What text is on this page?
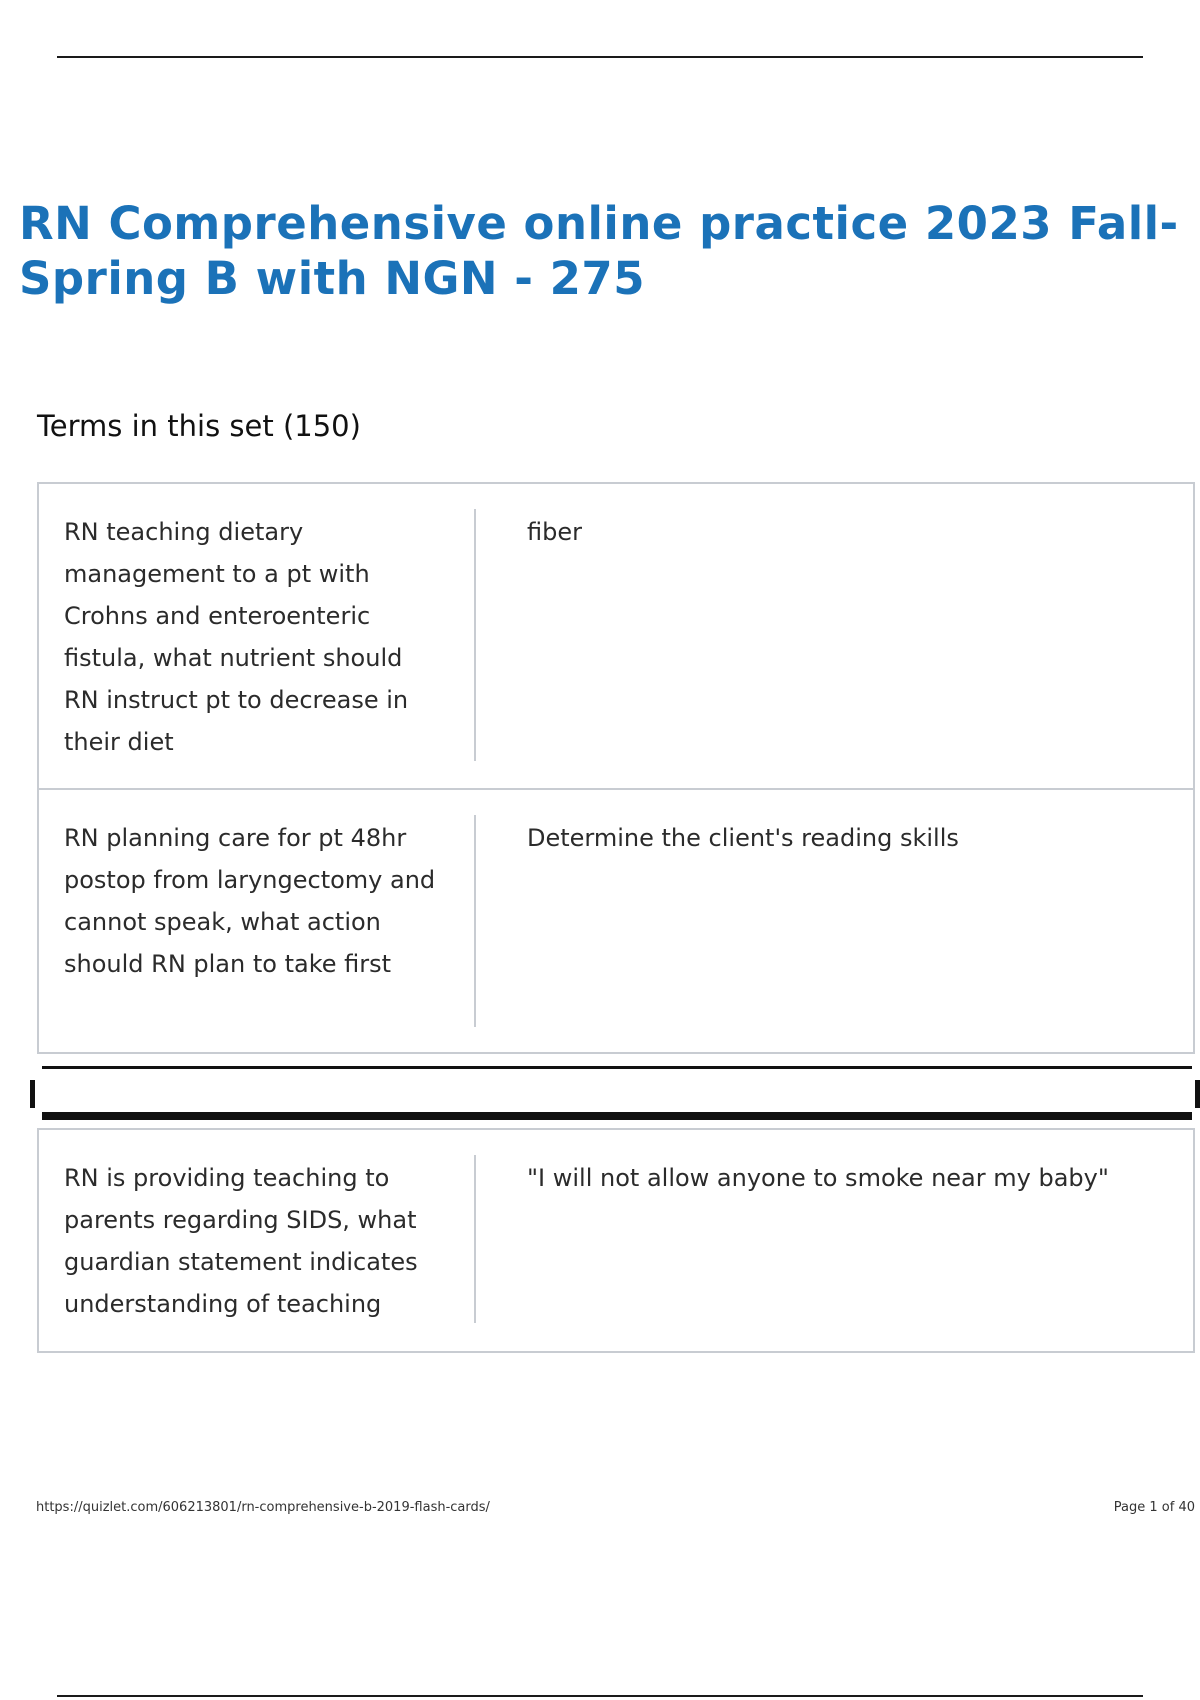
RN Comprehensive online practice 2023 Fall-Spring B with NGN - 275
Terms in this set (150)
RN teaching dietary management to a pt with Crohns and enteroenteric fistula, what nutrient should RN instruct pt to decrease in their diet
fiber
RN planning care for pt 48hr postop from laryngectomy and cannot speak, what action should RN plan to take first
Determine the client's reading skills
RN is providing teaching to parents regarding SIDS, what guardian statement indicates understanding of teaching
"I will not allow anyone to smoke near my baby"
https://quizlet.com/606213801/rn-comprehensive-b-2019-flash-cards/	Page 1 of 40
